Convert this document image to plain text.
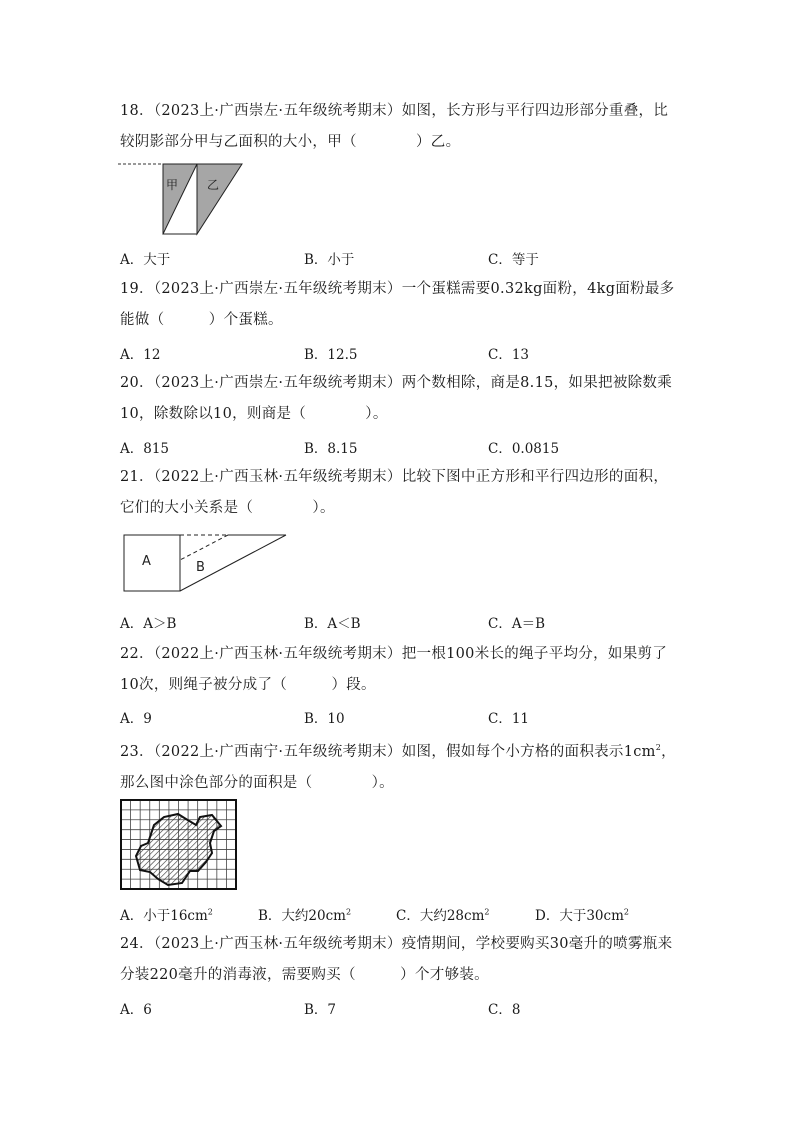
18．（2023上·广西崇左·五年级统考期末）如图，长方形与平行四边形部分重叠，比较阴影部分甲与乙面积的大小，甲（　　　　）乙。
甲 乙
A．大于	B．小于	C．等于
19．（2023上·广西崇左·五年级统考期末）一个蛋糕需要0.32kg面粉，4kg面粉最多能做（　　　）个蛋糕。
A．12	B．12.5	C．13
20．（2023上·广西崇左·五年级统考期末）两个数相除，商是8.15，如果把被除数乘10，除数除以10，则商是（　　　　）。
A．815	B．8.15	C．0.0815
21．（2022上·广西玉林·五年级统考期末）比较下图中正方形和平行四边形的面积，它们的大小关系是（　　　　）。
A	B
A．A＞B	B．A＜B	C．A＝B
22．（2022上·广西玉林·五年级统考期末）把一根100米长的绳子平均分，如果剪了10次，则绳子被分成了（　　　）段。
A．9	B．10	C．11
23．（2022上·广西南宁·五年级统考期末）如图，假如每个小方格的面积表示$1cm^2$，那么图中涂色部分的面积是（　　　　）。
A．小于$16cm^2$	B．大约$20cm^2$	C．大约$28cm^2$	D．大于$30cm^2$
24．（2023上·广西玉林·五年级统考期末）疫情期间，学校要购买30毫升的喷雾瓶来分装220毫升的消毒液，需要购买（　　　）个才够装。
A．6	B．7	C．8
